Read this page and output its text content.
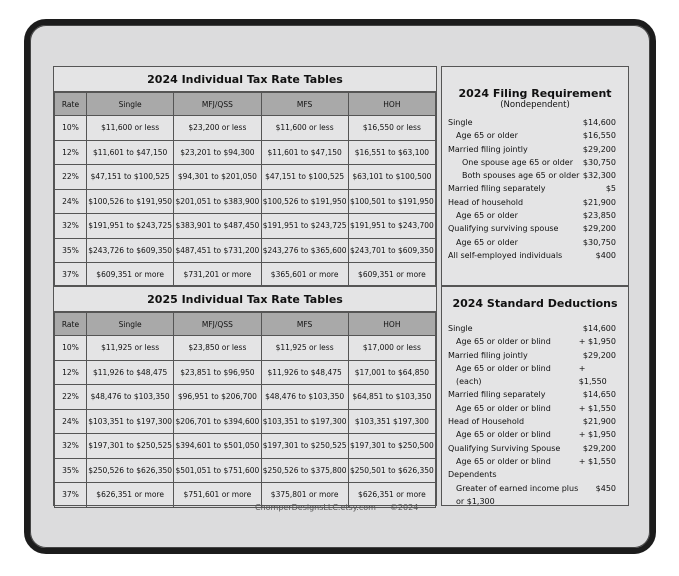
2024 Individual Tax Rate Tables
Rate	Single	MFJ/QSS	MFS	HOH
10%	$11,600 or less	$23,200 or less	$11,600 or less	$16,550 or less
12%	$11,601 to $47,150	$23,201 to $94,300	$11,601 to $47,150	$16,551 to $63,100
22%	$47,151 to $100,525	$94,301 to $201,050	$47,151 to $100,525	$63,101 to $100,500
24%	$100,526 to $191,950	$201,051 to $383,900	$100,526 to $191,950	$100,501 to $191,950
32%	$191,951 to $243,725	$383,901 to $487,450	$191,951 to $243,725	$191,951 to $243,700
35%	$243,726 to $609,350	$487,451 to $731,200	$243,276 to $365,600	$243,701 to $609,350
37%	$609,351 or more	$731,201 or more	$365,601 or more	$609,351 or more
2025 Individual Tax Rate Tables
Rate	Single	MFJ/QSS	MFS	HOH
10%	$11,925 or less	$23,850 or less	$11,925 or less	$17,000 or less
12%	$11,926 to $48,475	$23,851 to $96,950	$11,926 to $48,475	$17,001 to $64,850
22%	$48,476 to $103,350	$96,951 to $206,700	$48,476 to $103,350	$64,851 to $103,350
24%	$103,351 to $197,300	$206,701 to $394,600	$103,351 to $197,300	$103,351 $197,300
32%	$197,301 to $250,525	$394,601 to $501,050	$197,301 to $250,525	$197,301 to $250,500
35%	$250,526 to $626,350	$501,051 to $751,600	$250,526 to $375,800	$250,501 to $626,350
37%	$626,351 or more	$751,601 or more	$375,801 or more	$626,351 or more
2024 Filing Requirement
(Nondependent)
Single	$14,600
Age 65 or older	$16,550
Married filing jointly	$29,200
One spouse age 65 or older $30,750
Both spouses age 65 or older $32,300
Married filing separately	$5
Head of household	$21,900
Age 65 or older	$23,850
Qualifying surviving spouse	$29,200
Age 65 or older	$30,750
All self-employed individuals	$400
2024 Standard Deductions
Single	$14,600
Age 65 or older or blind	+ $1,950
Married filing jointly	$29,200
Age 65 or older or blind (each)
+ $1,550
Married filing separately	$14,650
Age 65 or older or blind	+ $1,550
Head of Household	$21,900
Age 65 or older or blind	+ $1,950
Qualifying Surviving Spouse	$29,200
Age 65 or older or blind	+ $1,550
Dependents
Greater of earned income plus $450
or $1,300
ChomperDesignsLLC.etsy.com ©2024
